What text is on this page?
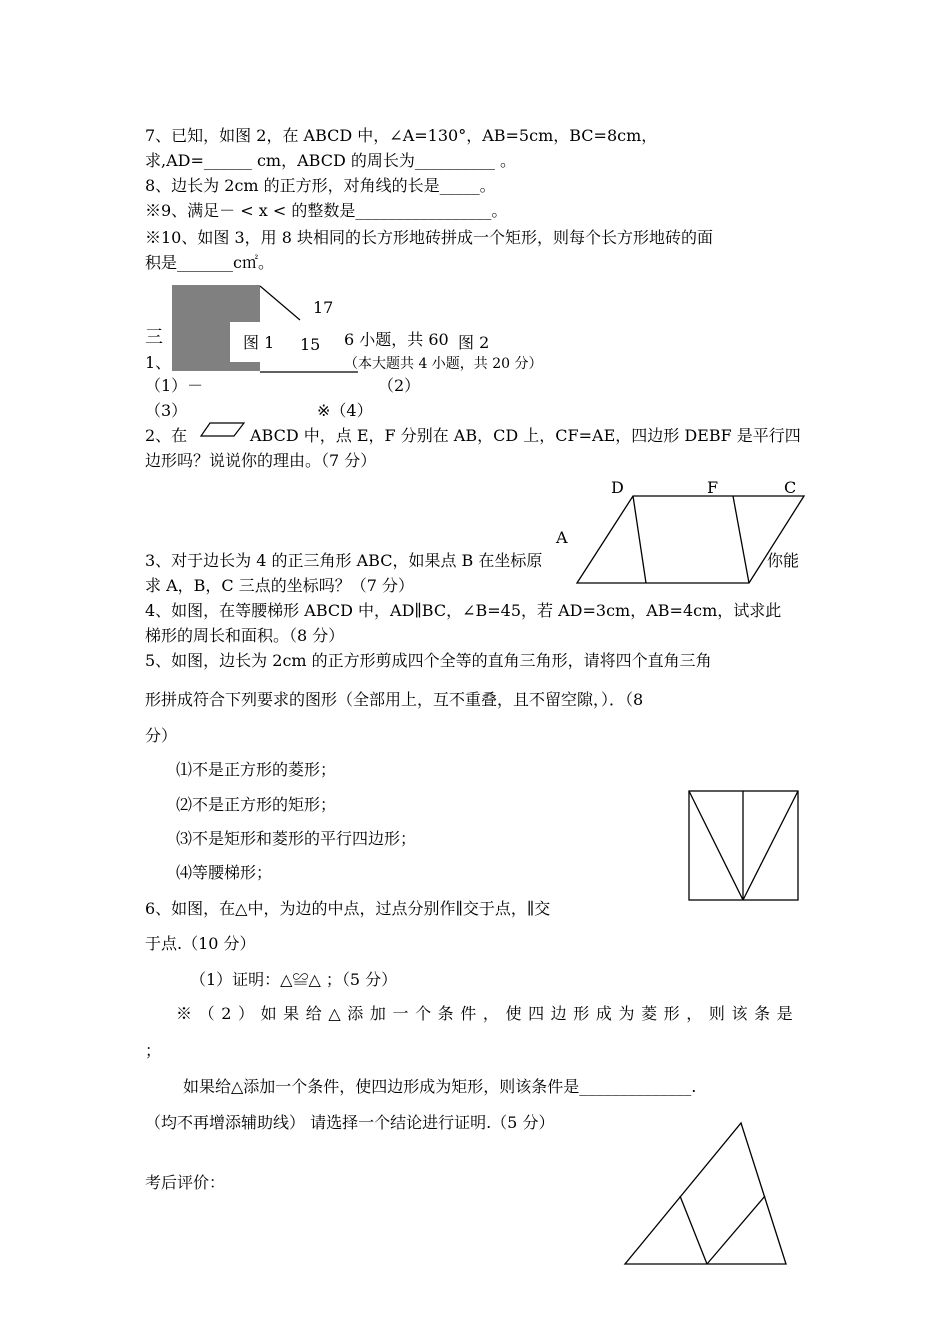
7、已知，如图 2，在 ABCD 中，∠A=130°，AB=5cm，BC=8cm，
求,AD=______ cm，ABCD 的周长为__________ 。
8、边长为 2cm 的正方形，对角线的长是_____。
※9、满足－ < x < 的整数是_________________。
※10、如图 3，用 8 块相同的长方形地砖拼成一个矩形，则每个长方形地砖的面
积是_______c㎡。
17
三	图 1 15 6 小题，共 60 图 2
1、	（本大题共 4 小题，共 20 分）
（1）－	（2）
（3）	※（4）
2、在	ABCD 中，点 E，F 分别在 AB，CD 上，CF=AE，四边形 DEBF 是平行四
边形吗？说说你的理由。（7 分）
D	F	C
A
3、对于边长为 4 的正三角形 ABC，如果点 B 在坐标原	你能
求 A，B，C 三点的坐标吗？（7 分）
4、如图，在等腰梯形 ABCD 中，AD∥BC，∠B=45，若 AD=3cm，AB=4cm，试求此
梯形的周长和面积。（8 分）
5、如图，边长为 2cm 的正方形剪成四个全等的直角三角形，请将四个直角三角
形拼成符合下列要求的图形（全部用上，互不重叠，且不留空隙，）．（8
分）
⑴不是正方形的菱形；
⑵不是正方形的矩形；
⑶不是矩形和菱形的平行四边形；
⑷等腰梯形；
6、如图，在△中，为边的中点，过点分别作∥交于点，∥交
于点.（10 分）
（1）证明：△≌△ ；（5 分）
※（2）如果给△添加一个条件，使四边形成为菱形，则该条是
；
如果给△添加一个条件，使四边形成为矩形，则该条件是______________.
（均不再增添辅助线） 请选择一个结论进行证明.（5 分）
考后评价：
